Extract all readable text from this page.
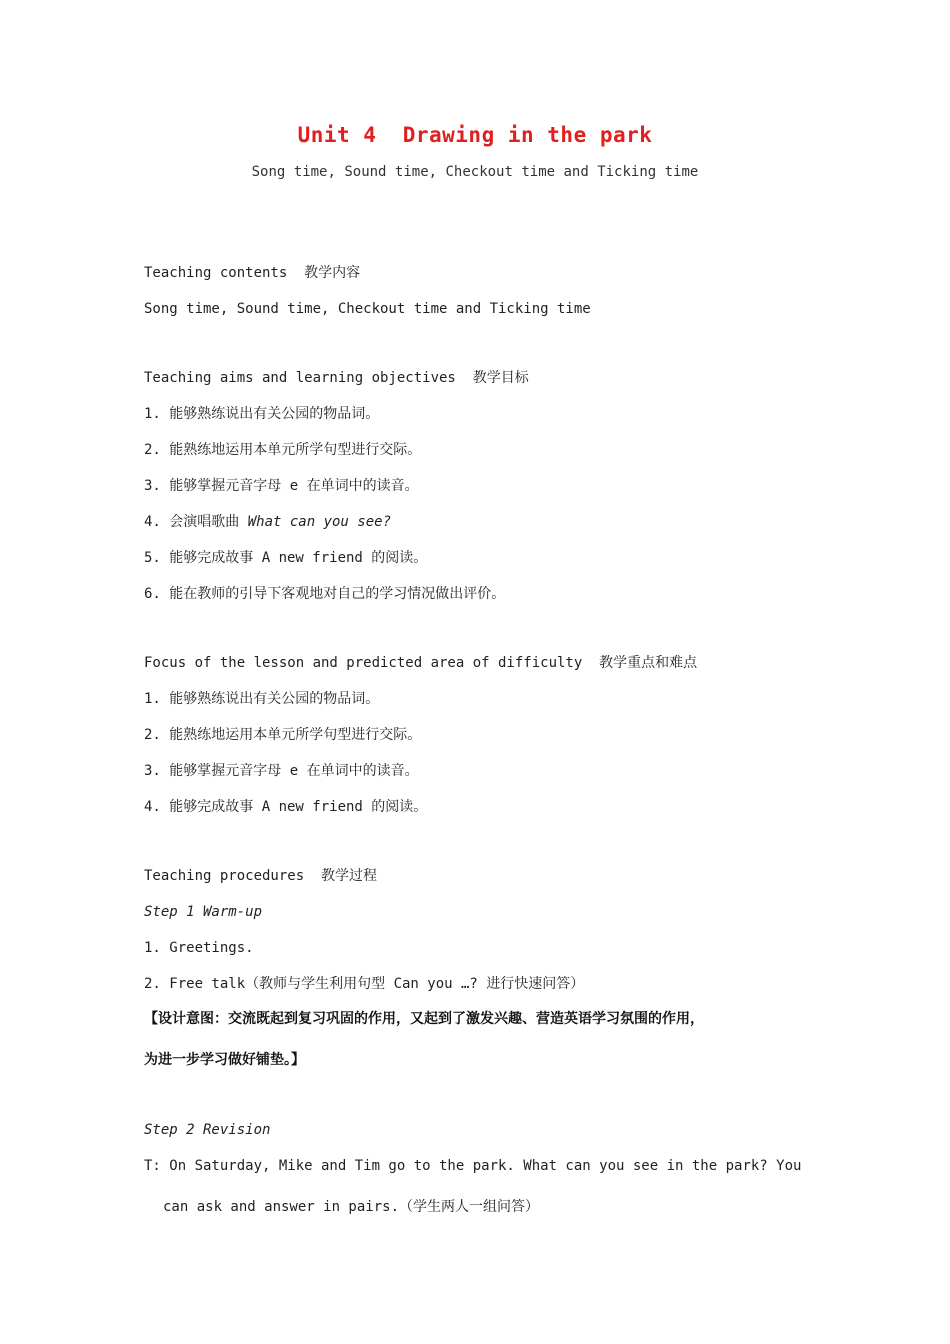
Unit 4  Drawing in the park
Song time, Sound time, Checkout time and Ticking time
Teaching contents  教学内容
Song time, Sound time, Checkout time and Ticking time
Teaching aims and learning objectives  教学目标
1. 能够熟练说出有关公园的物品词。
2. 能熟练地运用本单元所学句型进行交际。
3. 能够掌握元音字母 e 在单词中的读音。
4. 会演唱歌曲 What can you see?
5. 能够完成故事 A new friend 的阅读。
6. 能在教师的引导下客观地对自己的学习情况做出评价。
Focus of the lesson and predicted area of difficulty  教学重点和难点
1. 能够熟练说出有关公园的物品词。
2. 能熟练地运用本单元所学句型进行交际。
3. 能够掌握元音字母 e 在单词中的读音。
4. 能够完成故事 A new friend 的阅读。
Teaching procedures  教学过程
Step 1 Warm-up
1. Greetings.
2. Free talk（教师与学生利用句型 Can you …? 进行快速问答）
【设计意图：交流既起到复习巩固的作用，又起到了激发兴趣、营造英语学习氛围的作用，
为进一步学习做好铺垫。】
Step 2 Revision
T: On Saturday, Mike and Tim go to the park. What can you see in the park? You
can ask and answer in pairs.（学生两人一组问答）
